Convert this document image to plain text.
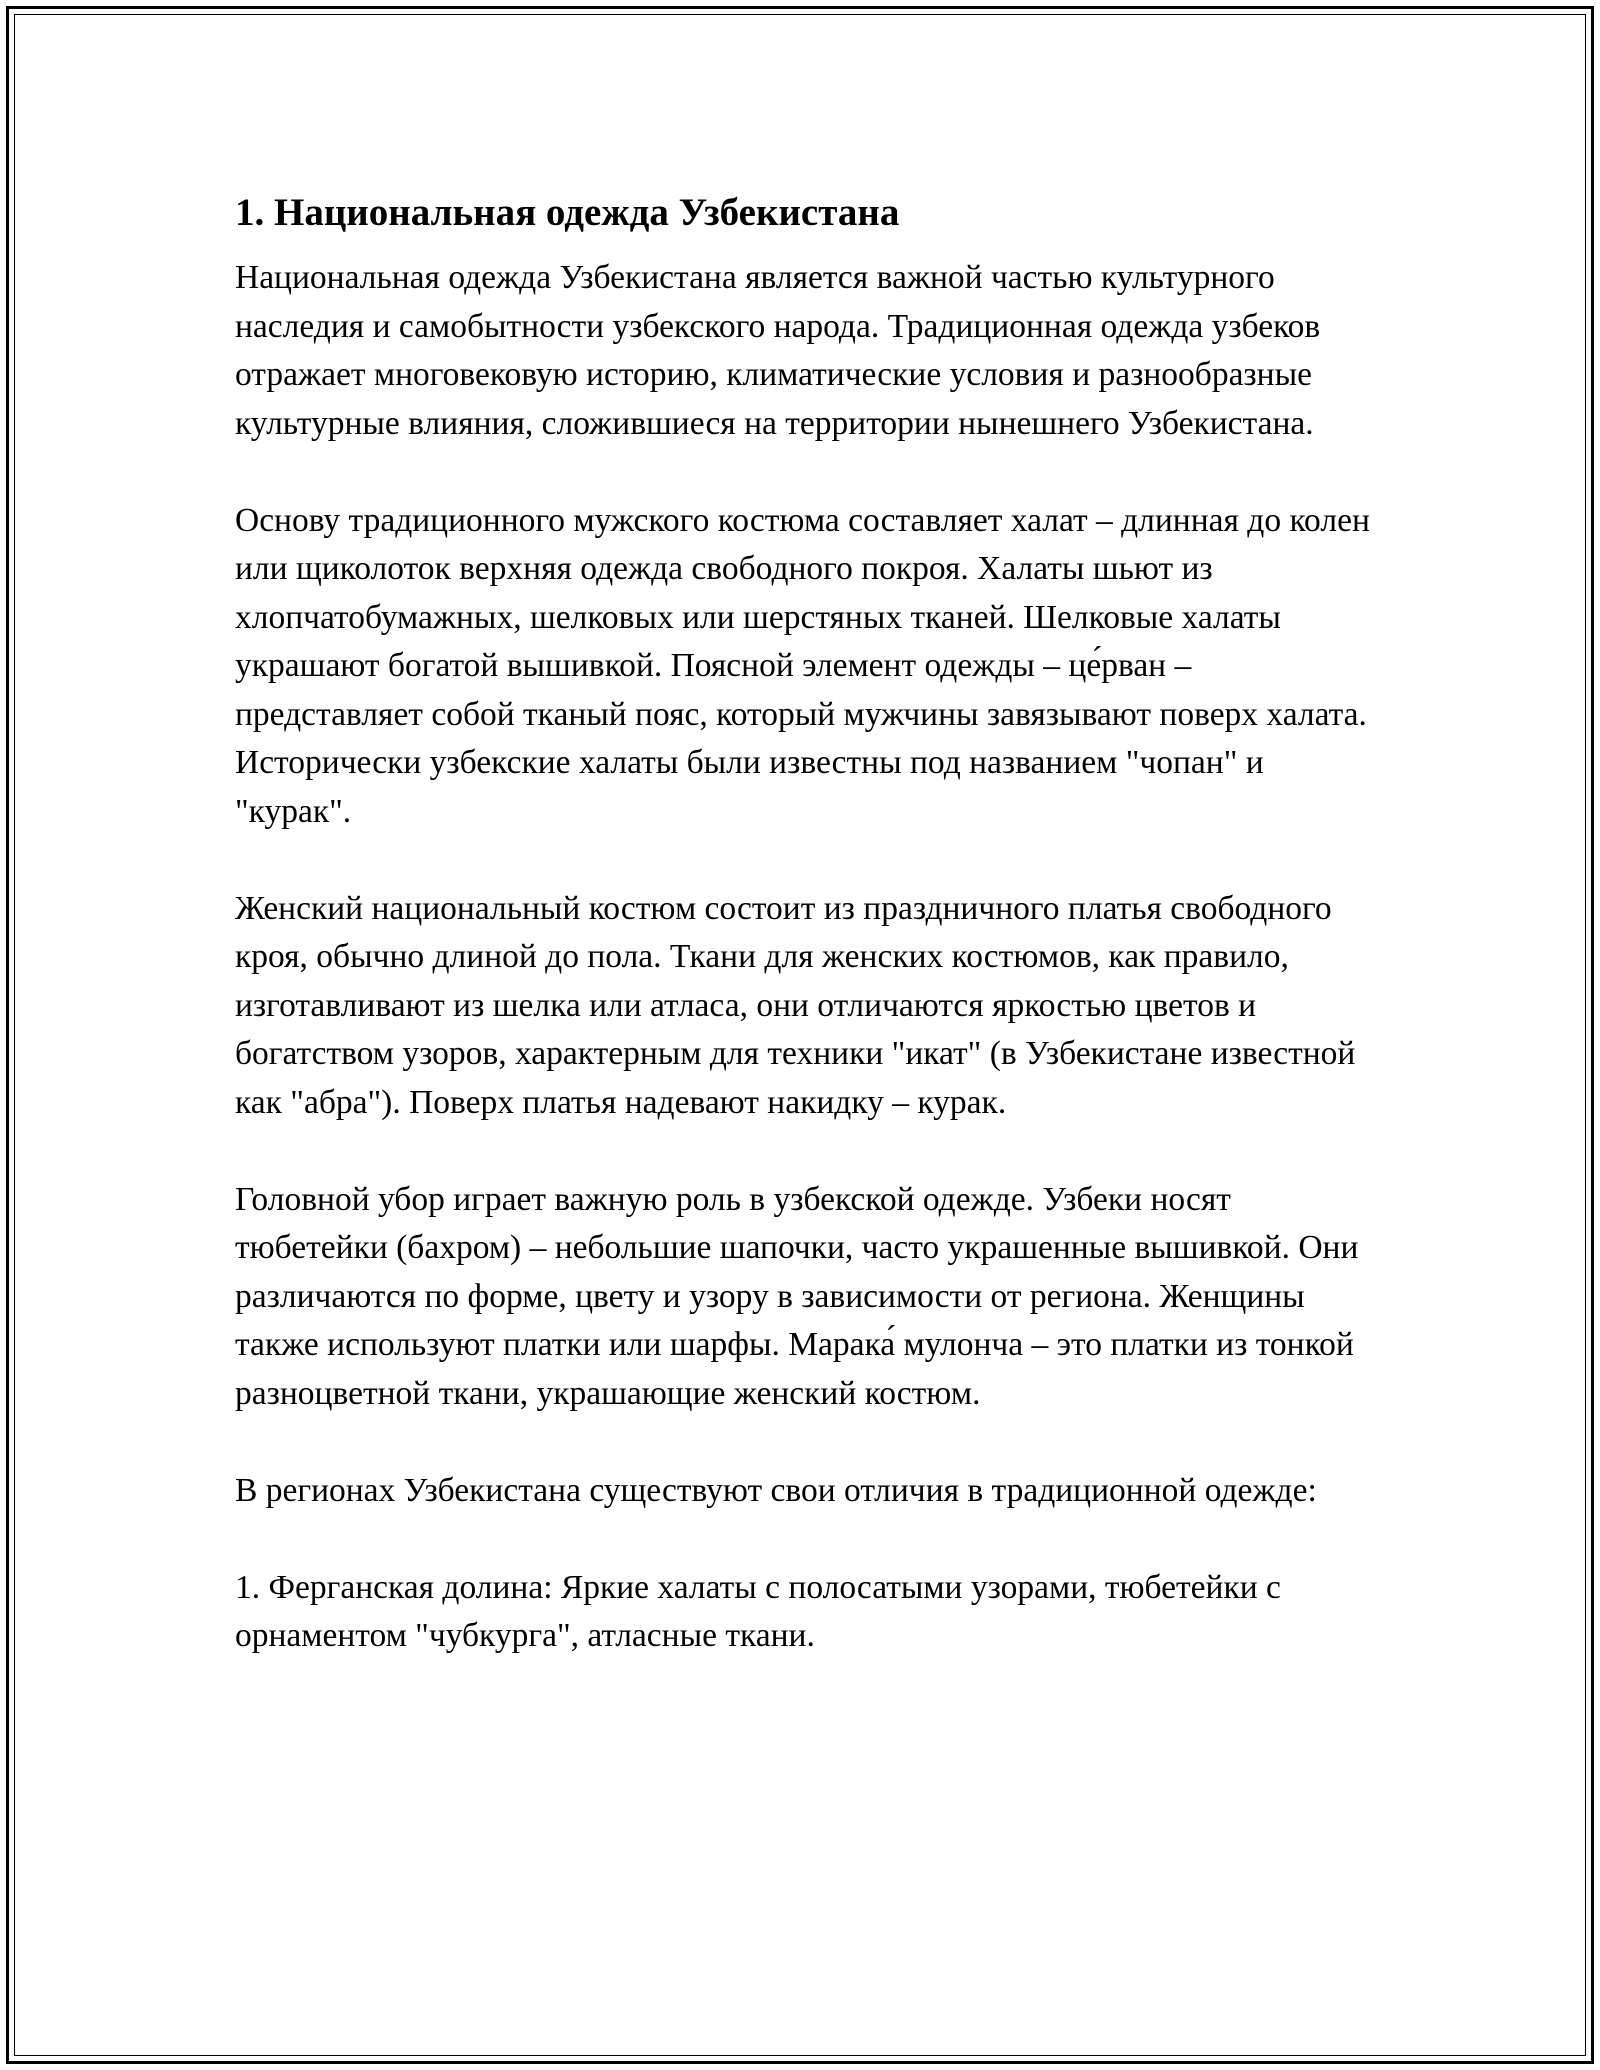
1. Национальная одежда Узбекистана

Национальная одежда Узбекистана является важной частью культурного наследия и самобытности узбекского народа. Традиционная одежда узбеков отражает многовековую историю, климатические условия и разнообразные культурные влияния, сложившиеся на территории нынешнего Узбекистана.

Основу традиционного мужского костюма составляет халат – длинная до колен или щиколоток верхняя одежда свободного покроя. Халаты шьют из хлопчатобумажных, шелковых или шерстяных тканей. Шелковые халаты украшают богатой вышивкой. Поясной элемент одежды – це́рван – представляет собой тканый пояс, который мужчины завязывают поверх халата. Исторически узбекские халаты были известны под названием "чопан" и "курак".

Женский национальный костюм состоит из праздничного платья свободного кроя, обычно длиной до пола. Ткани для женских костюмов, как правило, изготавливают из шелка или атласа, они отличаются яркостью цветов и богатством узоров, характерным для техники "икат" (в Узбекистане известной как "абра"). Поверх платья надевают накидку – курак.

Головной убор играет важную роль в узбекской одежде. Узбеки носят тюбетейки (бахром) – небольшие шапочки, часто украшенные вышивкой. Они различаются по форме, цвету и узору в зависимости от региона. Женщины также используют платки или шарфы. Марака́ мулонча – это платки из тонкой разноцветной ткани, украшающие женский костюм.

В регионах Узбекистана существуют свои отличия в традиционной одежде:

1. Ферганская долина: Яркие халаты с полосатыми узорами, тюбетейки с орнаментом "чубкурга", атласные ткани.
